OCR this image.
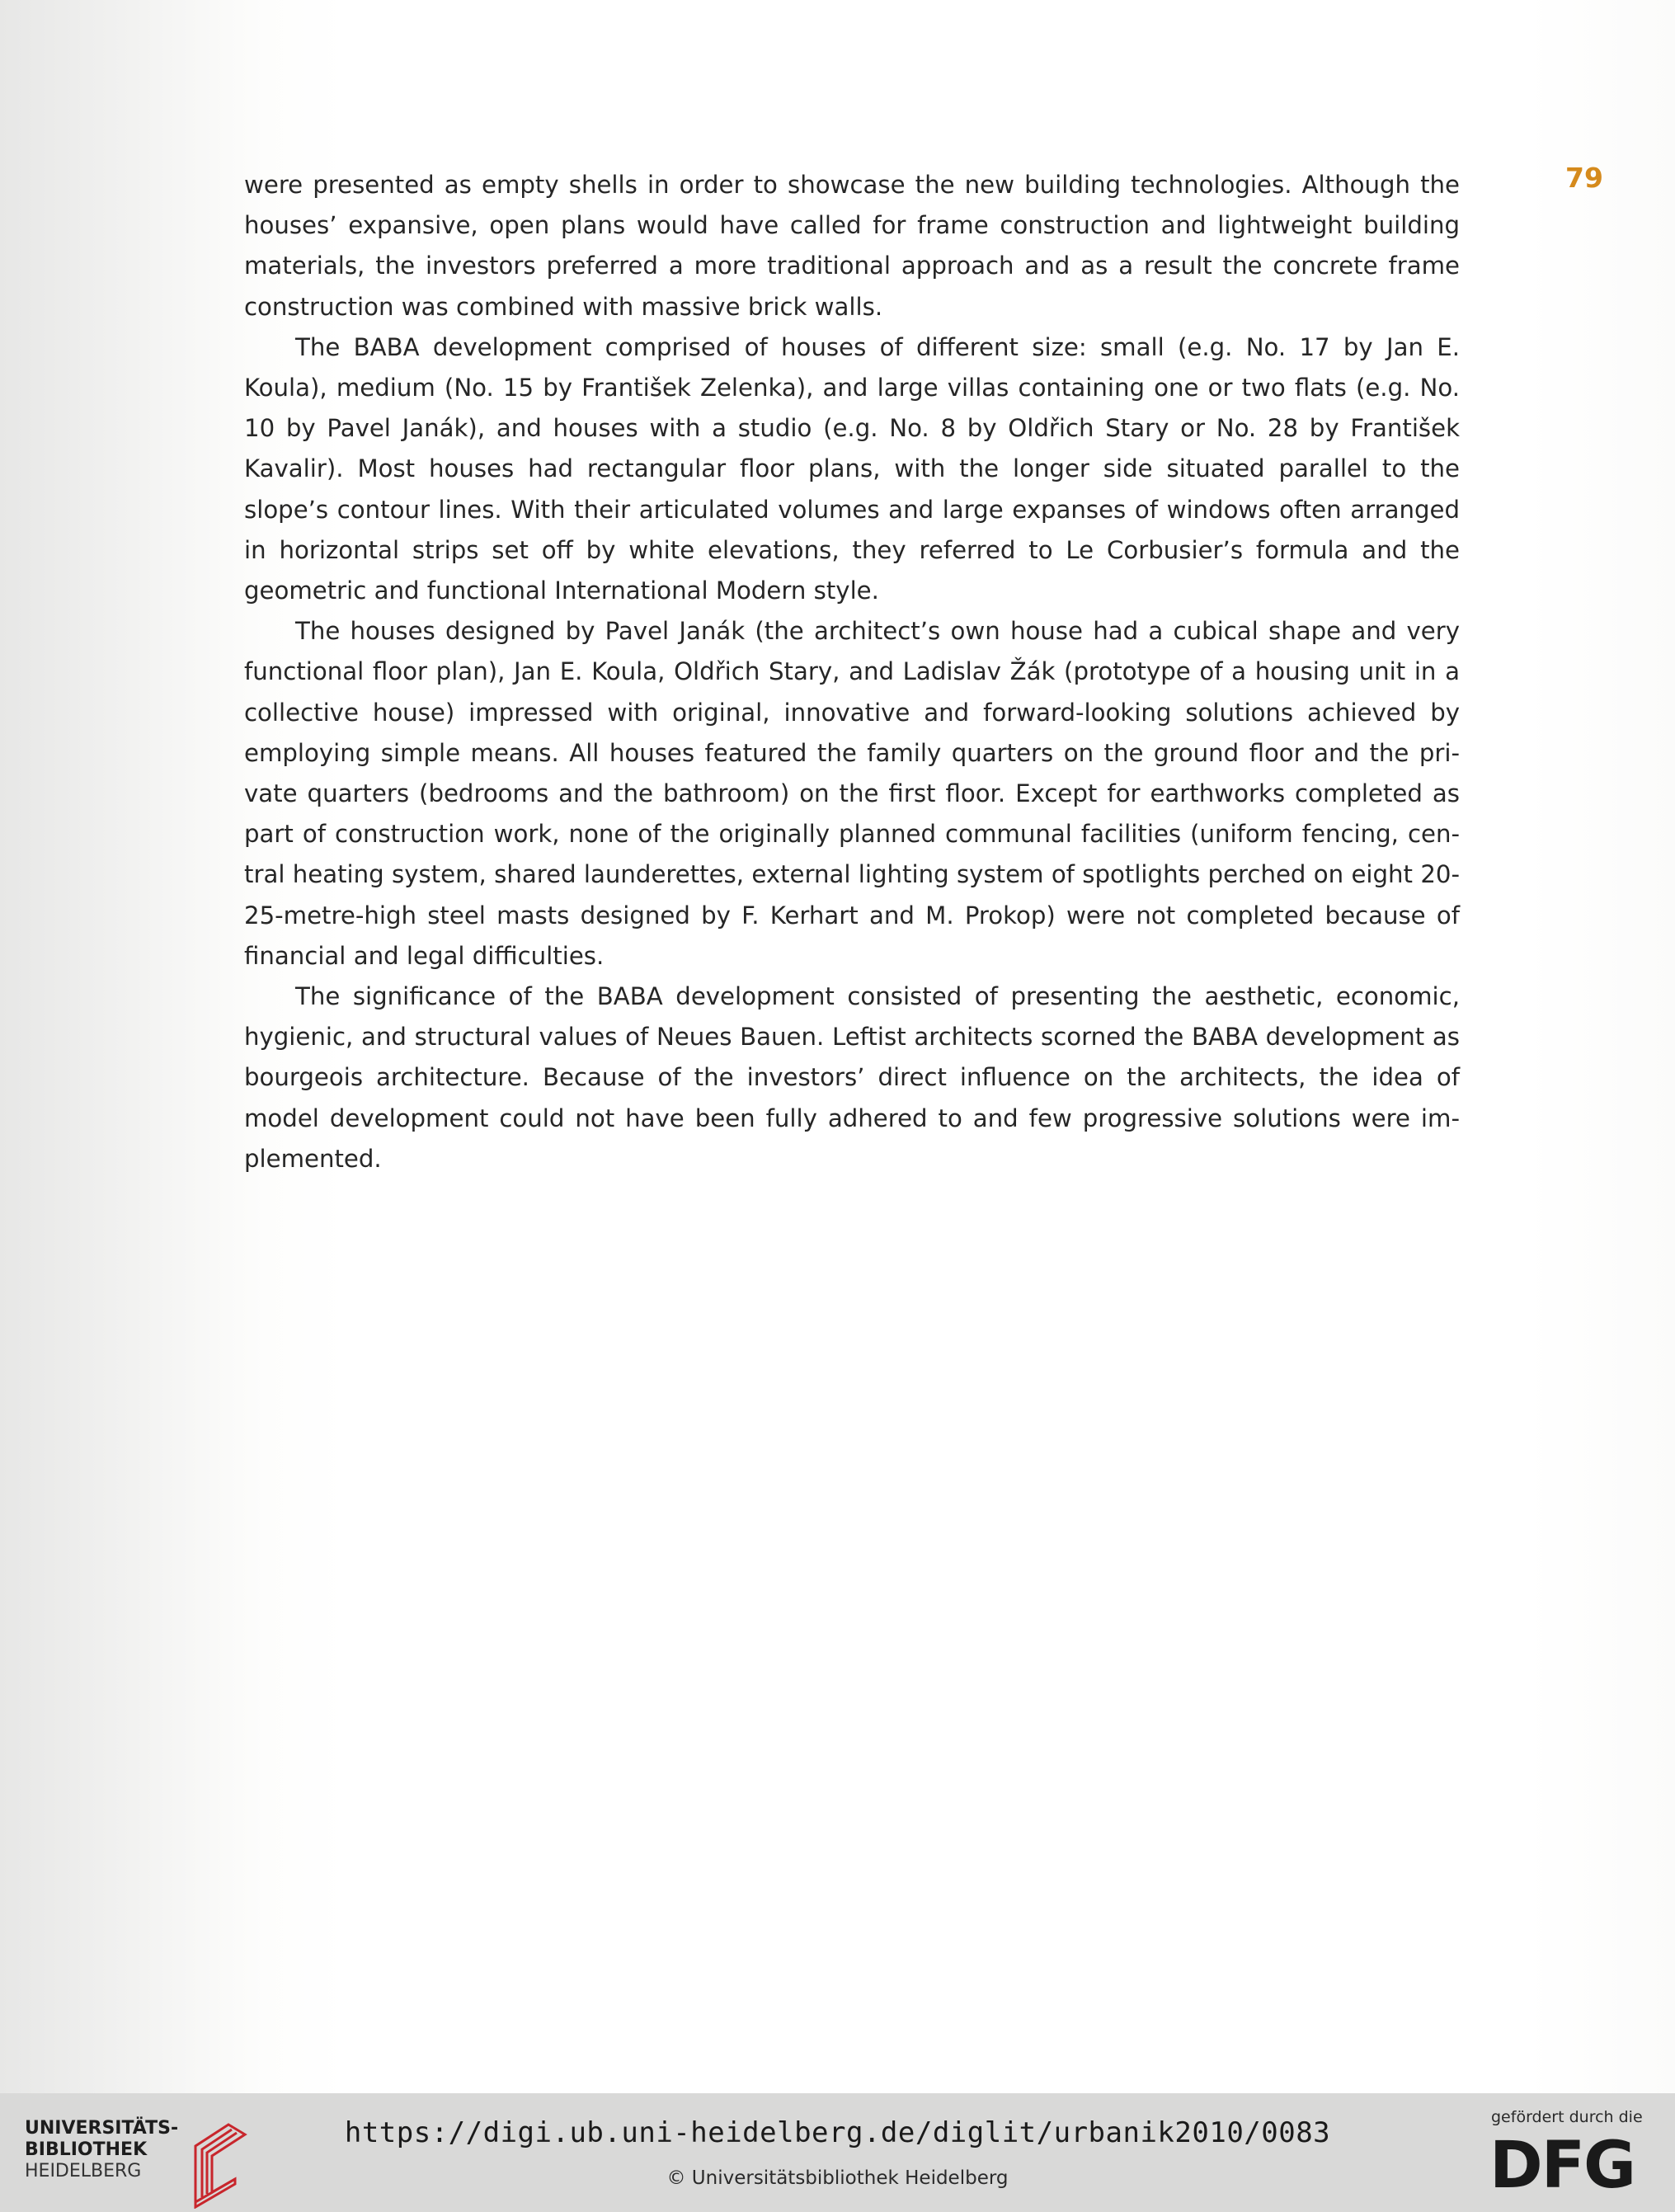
79

were presented as empty shells in order to showcase the new building technologies. Although the houses’ expansive, open plans would have called for frame construction and lightweight building materials, the investors preferred a more traditional approach and as a result the concrete frame construction was combined with massive brick walls.

The BABA development comprised of houses of different size: small (e.g. No. 17 by Jan E. Koula), medium (No. 15 by František Zelenka), and large villas containing one or two flats (e.g. No. 10 by Pavel Janák), and houses with a studio (e.g. No. 8 by Oldřich Stary or No. 28 by František Kavalir). Most houses had rectangular floor plans, with the longer side situated parallel to the slope’s contour lines. With their articulated volumes and large expanses of windows often arranged in horizontal strips set off by white elevations, they referred to Le Corbusier’s formula and the geometric and functional International Modern style.

The houses designed by Pavel Janák (the architect’s own house had a cubical shape and very functional floor plan), Jan E. Koula, Oldřich Stary, and Ladislav Žák (prototype of a housing unit in a collective house) impressed with original, innovative and forward-looking solutions achieved by employing simple means. All houses featured the family quarters on the ground floor and the private quarters (bedrooms and the bathroom) on the first floor. Except for earthworks completed as part of construction work, none of the originally planned communal facilities (uniform fencing, central heating system, shared launderettes, external lighting system of spotlights perched on eight 20-25-metre-high steel masts designed by F. Kerhart and M. Prokop) were not completed because of financial and legal difficulties.

The significance of the BABA development consisted of presenting the aesthetic, economic, hygienic, and structural values of Neues Bauen. Leftist architects scorned the BABA development as bourgeois architecture. Because of the investors’ direct influence on the architects, the idea of model development could not have been fully adhered to and few progressive solutions were implemented.

UNIVERSITÄTS-
BIBLIOTHEK
HEIDELBERG
https://digi.ub.uni-heidelberg.de/diglit/urbanik2010/0083
© Universitätsbibliothek Heidelberg
gefördert durch die
DFG
